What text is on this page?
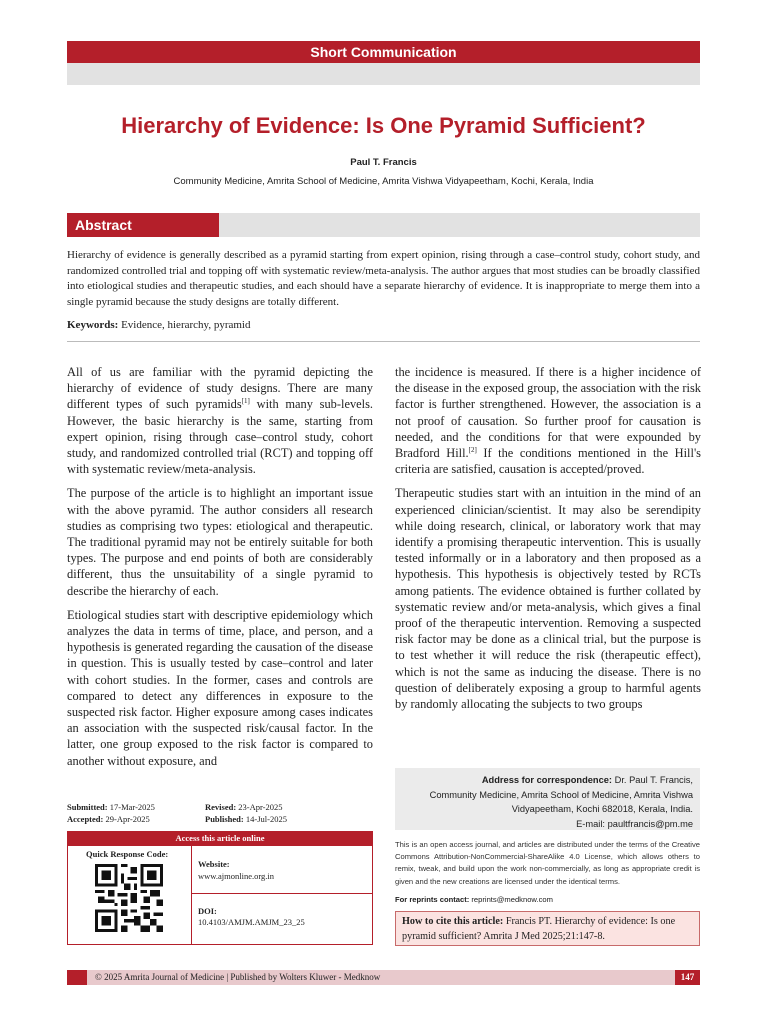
Short Communication
Hierarchy of Evidence: Is One Pyramid Sufficient?
Paul T. Francis
Community Medicine, Amrita School of Medicine, Amrita Vishwa Vidyapeetham, Kochi, Kerala, India
Abstract
Hierarchy of evidence is generally described as a pyramid starting from expert opinion, rising through a case–control study, cohort study, and randomized controlled trial and topping off with systematic review/meta-analysis. The author argues that most studies can be broadly classified into etiological studies and therapeutic studies, and each should have a separate hierarchy of evidence. It is inappropriate to merge them into a single pyramid because the study designs are totally different.
Keywords: Evidence, hierarchy, pyramid

All of us are familiar with the pyramid depicting the hierarchy of evidence of study designs. There are many different types of such pyramids[1] with many sub-levels. However, the basic hierarchy is the same, starting from expert opinion, rising through case–control study, cohort study, and randomized controlled trial (RCT) and topping off with systematic review/meta-analysis.

The purpose of the article is to highlight an important issue with the above pyramid. The author considers all research studies as comprising two types: etiological and therapeutic. The traditional pyramid may not be entirely suitable for both types. The purpose and end points of both are considerably different, thus the unsuitability of a single pyramid to describe the hierarchy of each.

Etiological studies start with descriptive epidemiology which analyzes the data in terms of time, place, and person, and a hypothesis is generated regarding the causation of the disease in question. This is usually tested by case–control and later with cohort studies. In the former, cases and controls are compared to detect any differences in exposure to the suspected risk factor. Higher exposure among cases indicates an association with the suspected risk/causal factor. In the latter, one group exposed to the risk factor is compared to another without exposure, and

the incidence is measured. If there is a higher incidence of the disease in the exposed group, the association with the risk factor is further strengthened. However, the association is a not proof of causation. So further proof for causation is needed, and the conditions for that were expounded by Bradford Hill.[2] If the conditions mentioned in the Hill's criteria are satisfied, causation is accepted/proved.

Therapeutic studies start with an intuition in the mind of an experienced clinician/scientist. It may also be serendipity while doing research, clinical, or laboratory work that may identify a promising therapeutic intervention. This is usually tested informally or in a laboratory and then proposed as a hypothesis. This hypothesis is objectively tested by RCTs among patients. The evidence obtained is further collated by systematic review and/or meta-analysis, which gives a final proof of the therapeutic intervention. Removing a suspected risk factor may be done as a clinical trial, but the purpose is to test whether it will reduce the risk (therapeutic effect), which is not the same as inducing the disease. There is no question of deliberately exposing a group to harmful agents by randomly allocating the subjects to two groups

Address for correspondence: Dr. Paul T. Francis,
Community Medicine, Amrita School of Medicine, Amrita Vishwa
Vidyapeetham, Kochi 682018, Kerala, India.
E-mail: paultfrancis@pm.me
This is an open access journal, and articles are distributed under the terms of the Creative Commons Attribution-NonCommercial-ShareAlike 4.0 License, which allows others to remix, tweak, and build upon the work non-commercially, as long as appropriate credit is given and the new creations are licensed under the identical terms.
For reprints contact: reprints@medknow.com
How to cite this article: Francis PT. Hierarchy of evidence: Is one pyramid sufficient? Amrita J Med 2025;21:147-8.
Submitted: 17-Mar-2025	Revised: 23-Apr-2025
Accepted: 29-Apr-2025	Published: 14-Jul-2025
Access this article online
Quick Response Code:
Website:
www.ajmonline.org.in
DOI:
10.4103/AMJM.AMJM_23_25
© 2025 Amrita Journal of Medicine | Published by Wolters Kluwer - Medknow	147
